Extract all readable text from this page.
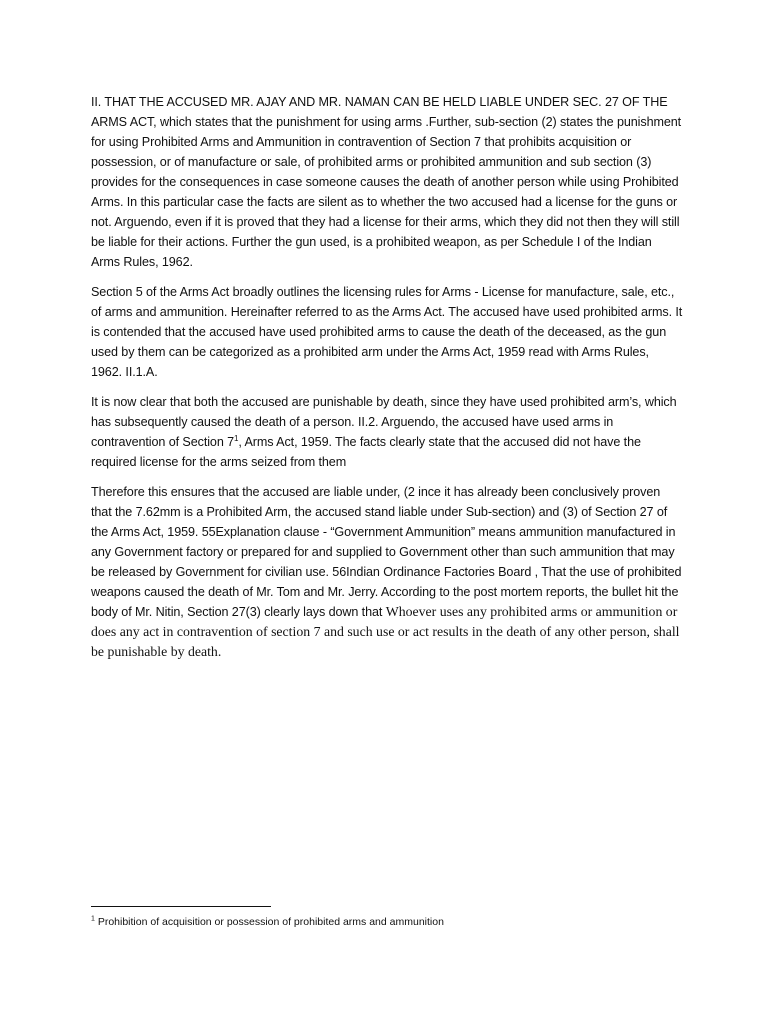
II. THAT THE ACCUSED MR. AJAY AND MR. NAMAN CAN BE HELD LIABLE UNDER SEC. 27 OF THE ARMS ACT, which states that the punishment for using arms .Further, sub-section (2) states the punishment for using Prohibited Arms and Ammunition in contravention of Section 7 that prohibits acquisition or possession, or of manufacture or sale, of prohibited arms or prohibited ammunition and sub section (3) provides for the consequences in case someone causes the death of another person while using Prohibited Arms. In this particular case the facts are silent as to whether the two accused had a license for the guns or not. Arguendo, even if it is proved that they had a license for their arms, which they did not then they will still be liable for their actions. Further the gun used, is a prohibited weapon, as per Schedule I of the Indian Arms Rules, 1962.

Section 5 of the Arms Act broadly outlines the licensing rules for Arms - License for manufacture, sale, etc., of arms and ammunition. Hereinafter referred to as the Arms Act. The accused have used prohibited arms. It is contended that the accused have used prohibited arms to cause the death of the deceased, as the gun used by them can be categorized as a prohibited arm under the Arms Act, 1959 read with Arms Rules, 1962. II.1.A.

It is now clear that both the accused are punishable by death, since they have used prohibited arm’s, which has subsequently caused the death of a person. II.2. Arguendo, the accused have used arms in contravention of Section $7^1$, Arms Act, 1959. The facts clearly state that the accused did not have the required license for the arms seized from them

Therefore this ensures that the accused are liable under, (2 ince it has already been conclusively proven that the 7.62mm is a Prohibited Arm, the accused stand liable under Sub-section) and (3) of Section 27 of the Arms Act, 1959. 55Explanation clause - “Government Ammunition” means ammunition manufactured in any Government factory or prepared for and supplied to Government other than such ammunition that may be released by Government for civilian use. 56Indian Ordinance Factories Board , That the use of prohibited weapons caused the death of Mr. Tom and Mr. Jerry. According to the post mortem reports, the bullet hit the body of Mr. Nitin, Section 27(3) clearly lays down that Whoever uses any prohibited arms or ammunition or does any act in contravention of section 7 and such use or act results in the death of any other person, shall be punishable by death.

$^1$ Prohibition of acquisition or possession of prohibited arms and ammunition
